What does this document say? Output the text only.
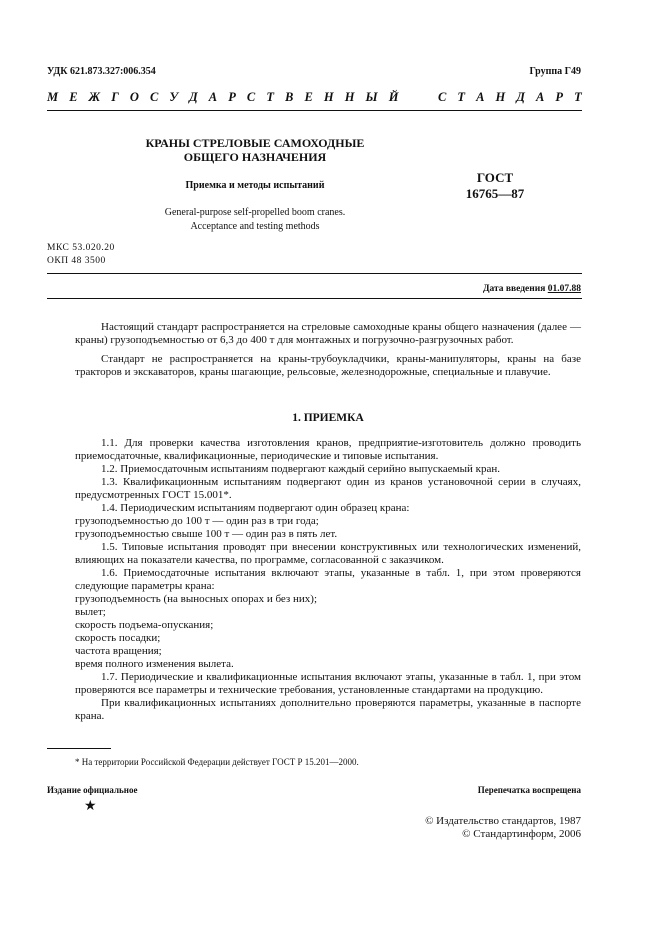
УДК 621.873.327:006.354	Группа Г49
М Е Ж Г О С У Д А Р С Т В Е Н Н Ы Й

	С Т А Н Д А Р Т
КРАНЫ СТРЕЛОВЫЕ САМОХОДНЫЕ
ОБЩЕГО НАЗНАЧЕНИЯ
Приемка и методы испытаний
General-purpose self-propelled boom cranes.
Acceptance and testing methods
ГОСТ
16765—87
МКС 53.020.20
ОКП 48 3500
Дата введения 01.07.88

Настоящий стандарт распространяется на стреловые самоходные краны общего назначения (далее — краны) грузоподъемностью от 6,3 до 400 т для монтажных и погрузочно-разгрузочных работ.

Стандарт не распространяется на краны-трубоукладчики, краны-манипуляторы, краны на базе тракторов и экскаваторов, краны шагающие, рельсовые, железнодорожные, специальные и плавучие.

1. ПРИЕМКА

1.1. Для проверки качества изготовления кранов, предприятие-изготовитель должно проводить приемосдаточные, квалификационные, периодические и типовые испытания.

1.2. Приемосдаточным испытаниям подвергают каждый серийно выпускаемый кран.

1.3. Квалификационным испытаниям подвергают один из кранов установочной серии в случаях, предусмотренных ГОСТ 15.001*.

1.4. Периодическим испытаниям подвергают один образец крана:

грузоподъемностью до 100 т — один раз в три года;

грузоподъемностью свыше 100 т — один раз в пять лет.

1.5. Типовые испытания проводят при внесении конструктивных или технологических изменений, влияющих на показатели качества, по программе, согласованной с заказчиком.

1.6. Приемосдаточные испытания включают этапы, указанные в табл. 1, при этом проверяются следующие параметры крана:

грузоподъемность (на выносных опорах и без них);

вылет;

скорость подъема-опускания;

скорость посадки;

частота вращения;

время полного изменения вылета.

1.7. Периодические и квалификационные испытания включают этапы, указанные в табл. 1, при этом проверяются все параметры и технические требования, установленные стандартами на продукцию.

При квалификационных испытаниях дополнительно проверяются параметры, указанные в паспорте крана.

* На территории Российской Федерации действует ГОСТ Р 15.201—2000.
Издание официальное	Перепечатка воспрещена
★
© Издательство стандартов, 1987
© Стандартинформ, 2006
